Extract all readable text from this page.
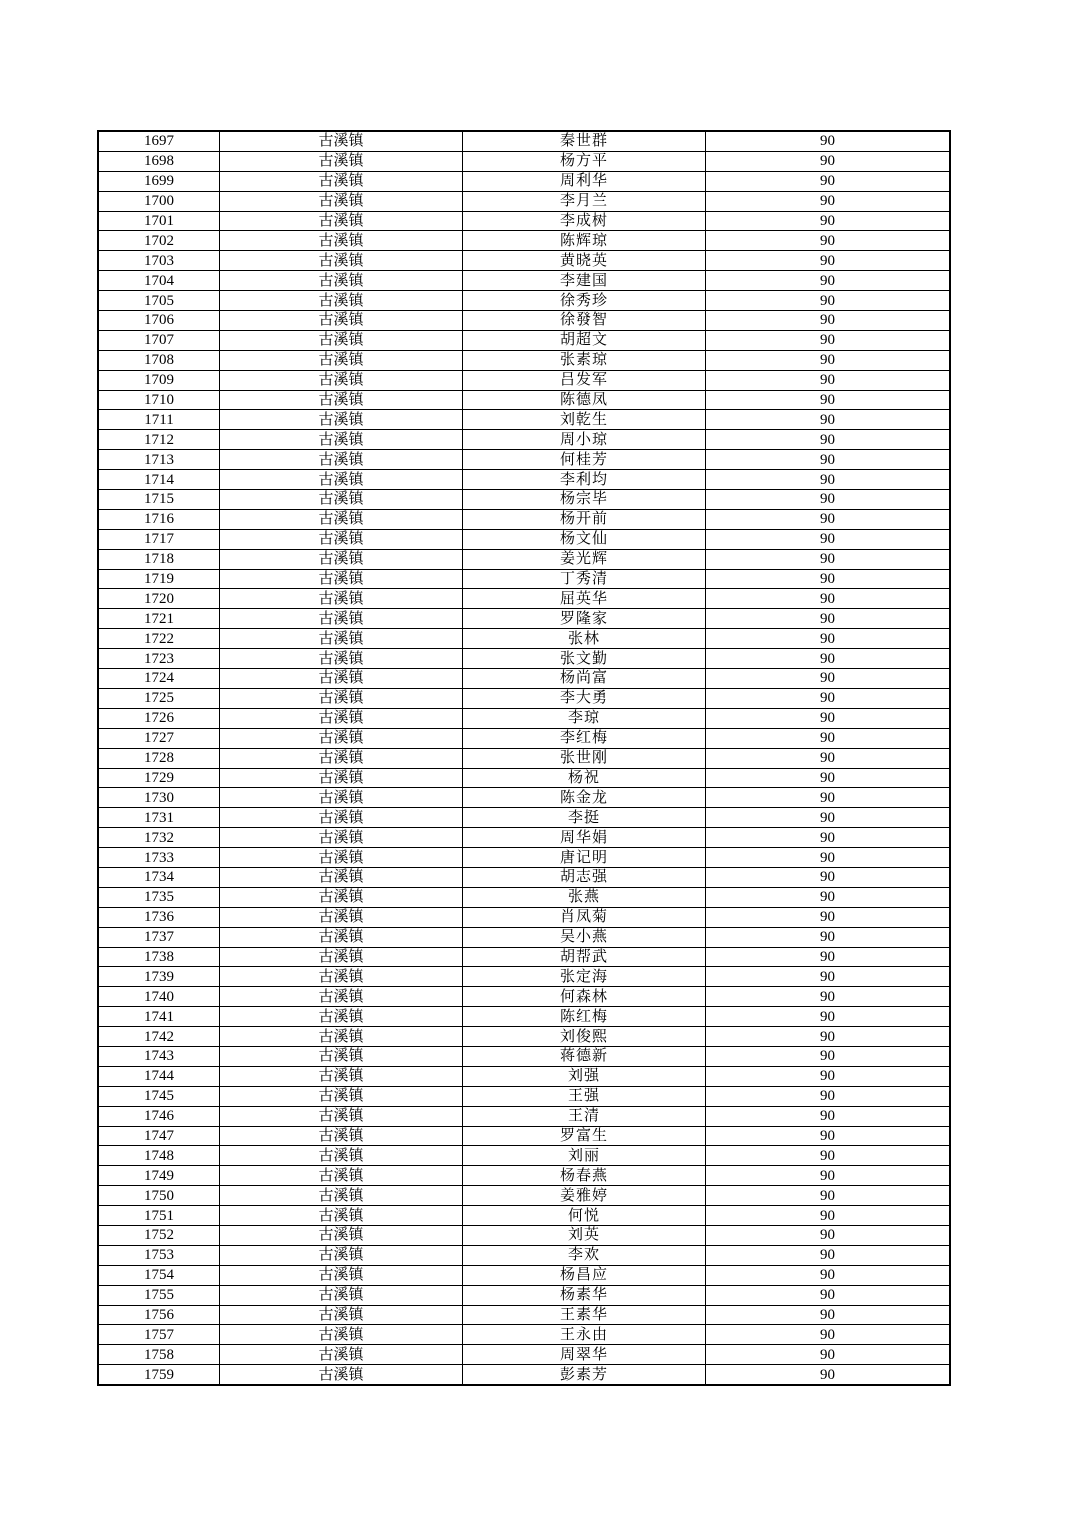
1697	古溪镇	秦世群	90
1698	古溪镇	杨方平	90
1699	古溪镇	周利华	90
1700	古溪镇	李月兰	90
1701	古溪镇	李成树	90
1702	古溪镇	陈辉琼	90
1703	古溪镇	黄晓英	90
1704	古溪镇	李建国	90
1705	古溪镇	徐秀珍	90
1706	古溪镇	徐發智	90
1707	古溪镇	胡超文	90
1708	古溪镇	张素琼	90
1709	古溪镇	吕发军	90
1710	古溪镇	陈德凤	90
1711	古溪镇	刘乾生	90
1712	古溪镇	周小琼	90
1713	古溪镇	何桂芳	90
1714	古溪镇	李利均	90
1715	古溪镇	杨宗毕	90
1716	古溪镇	杨开前	90
1717	古溪镇	杨文仙	90
1718	古溪镇	姜光辉	90
1719	古溪镇	丁秀清	90
1720	古溪镇	屈英华	90
1721	古溪镇	罗隆家	90
1722	古溪镇	张林	90
1723	古溪镇	张文勤	90
1724	古溪镇	杨尚富	90
1725	古溪镇	李大勇	90
1726	古溪镇	李琼	90
1727	古溪镇	李红梅	90
1728	古溪镇	张世刚	90
1729	古溪镇	杨祝	90
1730	古溪镇	陈金龙	90
1731	古溪镇	李挺	90
1732	古溪镇	周华娟	90
1733	古溪镇	唐记明	90
1734	古溪镇	胡志强	90
1735	古溪镇	张燕	90
1736	古溪镇	肖凤菊	90
1737	古溪镇	吴小燕	90
1738	古溪镇	胡帮武	90
1739	古溪镇	张定海	90
1740	古溪镇	何森林	90
1741	古溪镇	陈红梅	90
1742	古溪镇	刘俊熙	90
1743	古溪镇	蒋德新	90
1744	古溪镇	刘强	90
1745	古溪镇	王强	90
1746	古溪镇	王清	90
1747	古溪镇	罗富生	90
1748	古溪镇	刘丽	90
1749	古溪镇	杨春燕	90
1750	古溪镇	姜雅婷	90
1751	古溪镇	何悦	90
1752	古溪镇	刘英	90
1753	古溪镇	李欢	90
1754	古溪镇	杨昌应	90
1755	古溪镇	杨素华	90
1756	古溪镇	王素华	90
1757	古溪镇	王永由	90
1758	古溪镇	周翠华	90
1759	古溪镇	彭素芳	90
